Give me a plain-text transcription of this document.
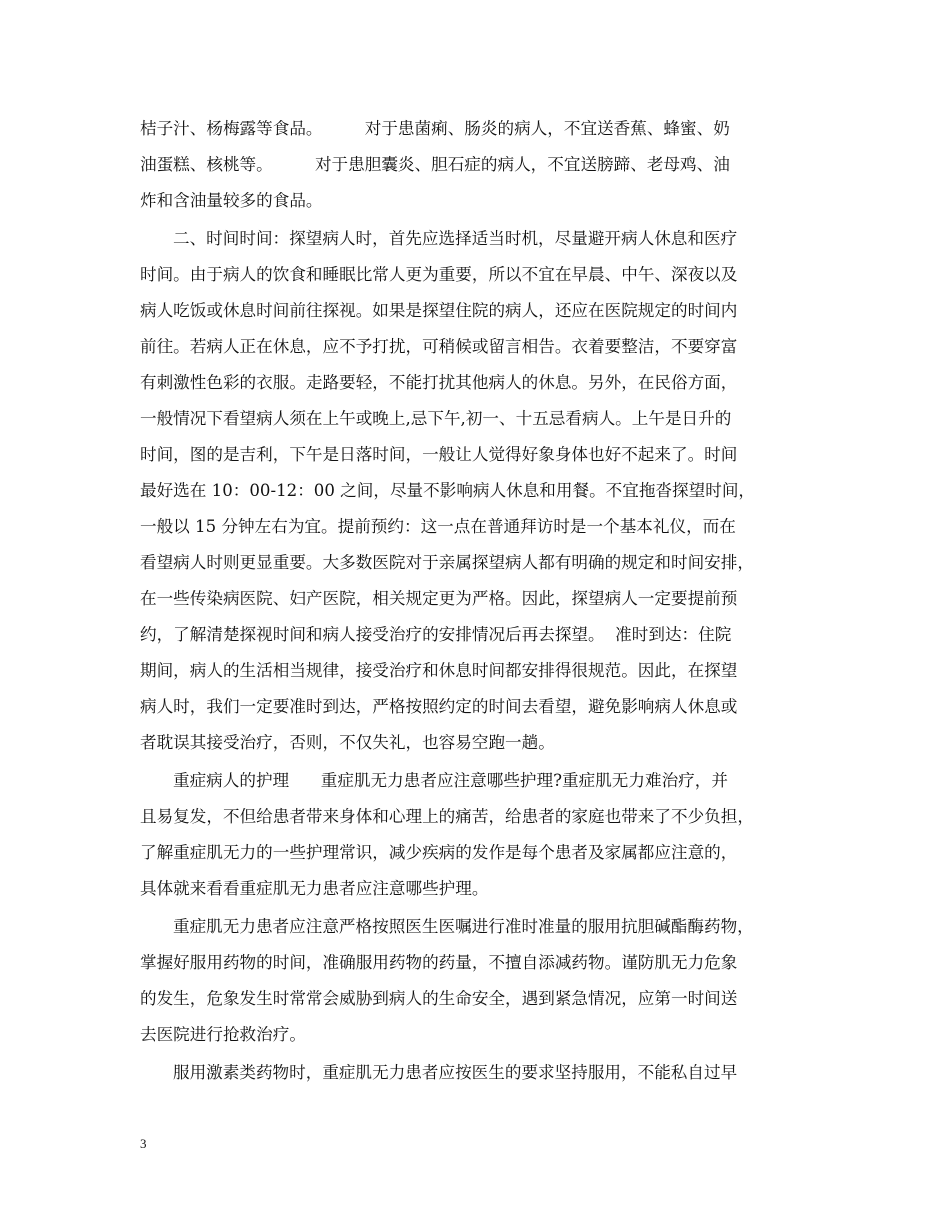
桔子汁、杨梅露等食品。        对于患菌痢、肠炎的病人，不宜送香蕉、蜂蜜、奶
油蛋糕、核桃等。        对于患胆囊炎、胆石症的病人，不宜送膀蹄、老母鸡、油
炸和含油量较多的食品。
二、时间时间：探望病人时，首先应选择适当时机，尽量避开病人休息和医疗
时间。由于病人的饮食和睡眠比常人更为重要，所以不宜在早晨、中午、深夜以及
病人吃饭或休息时间前往探视。如果是探望住院的病人，还应在医院规定的时间内
前往。若病人正在休息，应不予打扰，可稍候或留言相告。衣着要整洁，不要穿富
有刺激性色彩的衣服。走路要轻，不能打扰其他病人的休息。另外，在民俗方面，
一般情况下看望病人须在上午或晚上,忌下午,初一、十五忌看病人。上午是日升的
时间，图的是吉利，下午是日落时间，一般让人觉得好象身体也好不起来了。时间
最好选在 10：00-12：00 之间，尽量不影响病人休息和用餐。不宜拖沓探望时间，
一般以 15 分钟左右为宜。提前预约：这一点在普通拜访时是一个基本礼仪，而在
看望病人时则更显重要。大多数医院对于亲属探望病人都有明确的规定和时间安排，
在一些传染病医院、妇产医院，相关规定更为严格。因此，探望病人一定要提前预
约，了解清楚探视时间和病人接受治疗的安排情况后再去探望。  准时到达：住院
期间，病人的生活相当规律，接受治疗和休息时间都安排得很规范。因此，在探望
病人时，我们一定要准时到达，严格按照约定的时间去看望，避免影响病人休息或
者耽误其接受治疗，否则，不仅失礼，也容易空跑一趟。
重症病人的护理      重症肌无力患者应注意哪些护理?重症肌无力难治疗，并
且易复发，不但给患者带来身体和心理上的痛苦，给患者的家庭也带来了不少负担，
了解重症肌无力的一些护理常识，减少疾病的发作是每个患者及家属都应注意的，
具体就来看看重症肌无力患者应注意哪些护理。
重症肌无力患者应注意严格按照医生医嘱进行准时准量的服用抗胆碱酯酶药物，
掌握好服用药物的时间，准确服用药物的药量，不擅自添减药物。谨防肌无力危象
的发生，危象发生时常常会威胁到病人的生命安全，遇到紧急情况，应第一时间送
去医院进行抢救治疗。
服用激素类药物时，重症肌无力患者应按医生的要求坚持服用，不能私自过早
3
